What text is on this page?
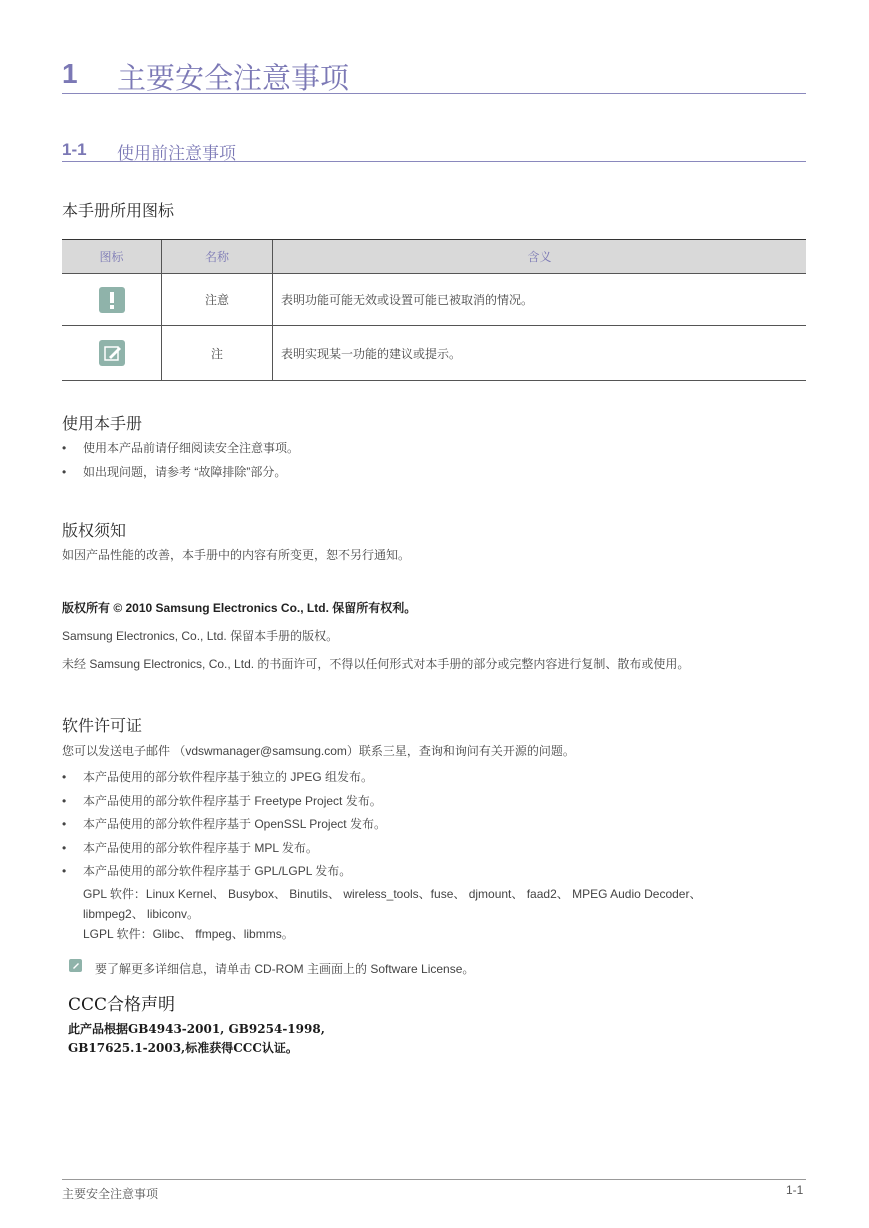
1 主要安全注意事项
1-1 使用前注意事项
本手册所用图标
图标	名称	含义

	注意	表明功能可能无效或设置可能已被取消的情况。

	注	表明实现某一功能的建议或提示。
使用本手册
• 使用本产品前请仔细阅读安全注意事项。
• 如出现问题，请参考 “故障排除”部分。
版权须知
如因产品性能的改善，本手册中的内容有所变更，恕不另行通知。
版权所有 © 2010 Samsung Electronics Co., Ltd. 保留所有权利。
Samsung Electronics, Co., Ltd. 保留本手册的版权。
未经 Samsung Electronics, Co., Ltd. 的书面许可，不得以任何形式对本手册的部分或完整内容进行复制、散布或使用。
软件许可证
您可以发送电子邮件 （vdswmanager@samsung.com）联系三星，查询和询问有关开源的问题。
• 本产品使用的部分软件程序基于独立的 JPEG 组发布。
• 本产品使用的部分软件程序基于 Freetype Project 发布。
• 本产品使用的部分软件程序基于 OpenSSL Project 发布。
• 本产品使用的部分软件程序基于 MPL 发布。
• 本产品使用的部分软件程序基于 GPL/LGPL 发布。
GPL 软件：Linux Kernel、 Busybox、 Binutils、 wireless_tools、fuse、 djmount、 faad2、 MPEG Audio Decoder、
libmpeg2、 libiconv。
LGPL 软件：Glibc、 ffmpeg、libmms。
要了解更多详细信息，请单击 CD-ROM 主画面上的 Software License。
CCC合格声明
此产品根据GB4943-2001, GB9254-1998,
GB17625.1-2003,标准获得CCC认证。
主要安全注意事项	1-1
